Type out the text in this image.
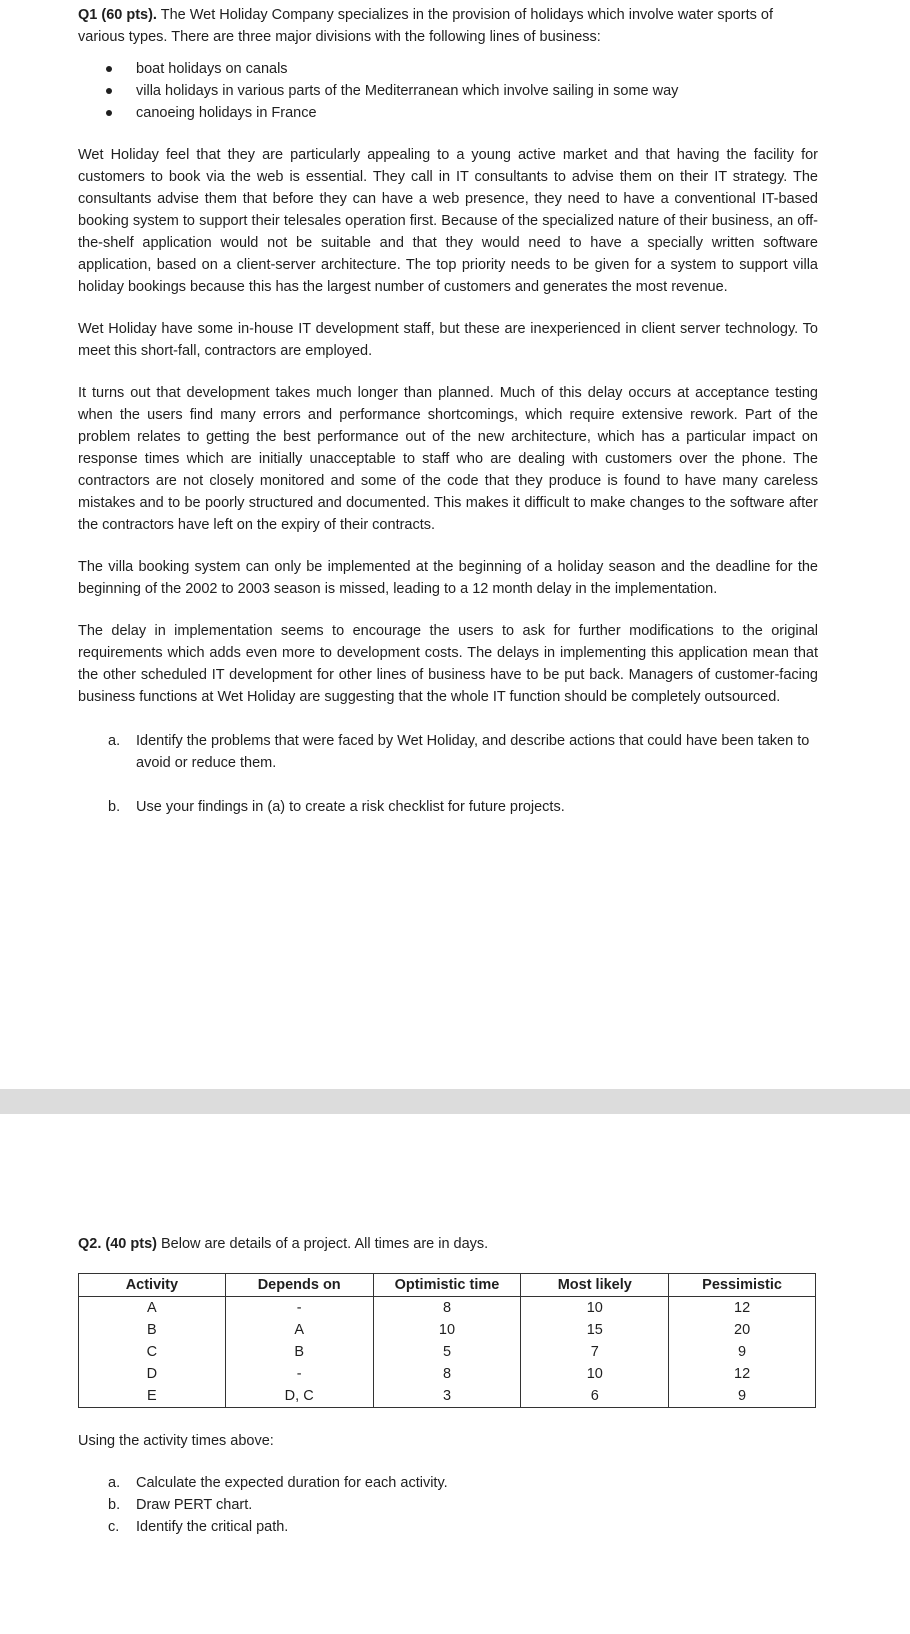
Q1 (60 pts). The Wet Holiday Company specializes in the provision of holidays which involve water sports of various types. There are three major divisions with the following lines of business:

boat holidays on canals
villa holidays in various parts of the Mediterranean which involve sailing in some way
canoeing holidays in France

Wet Holiday feel that they are particularly appealing to a young active market and that having the facility for customers to book via the web is essential. They call in IT consultants to advise them on their IT strategy. The consultants advise them that before they can have a web presence, they need to have a conventional IT-based booking system to support their telesales operation first. Because of the specialized nature of their business, an off-the-shelf application would not be suitable and that they would need to have a specially written software application, based on a client-server architecture. The top priority needs to be given for a system to support villa holiday bookings because this has the largest number of customers and generates the most revenue.

Wet Holiday have some in-house IT development staff, but these are inexperienced in client server technology. To meet this short-fall, contractors are employed.

It turns out that development takes much longer than planned. Much of this delay occurs at acceptance testing when the users find many errors and performance shortcomings, which require extensive rework. Part of the problem relates to getting the best performance out of the new architecture, which has a particular impact on response times which are initially unacceptable to staff who are dealing with customers over the phone. The contractors are not closely monitored and some of the code that they produce is found to have many careless mistakes and to be poorly structured and documented. This makes it difficult to make changes to the software after the contractors have left on the expiry of their contracts.

The villa booking system can only be implemented at the beginning of a holiday season and the deadline for the beginning of the 2002 to 2003 season is missed, leading to a 12 month delay in the implementation.

The delay in implementation seems to encourage the users to ask for further modifications to the original requirements which adds even more to development costs. The delays in implementing this application mean that the other scheduled IT development for other lines of business have to be put back. Managers of customer-facing business functions at Wet Holiday are suggesting that the whole IT function should be completely outsourced.

a. Identify the problems that were faced by Wet Holiday, and describe actions that could have been taken to avoid or reduce them.
b. Use your findings in (a) to create a risk checklist for future projects.

Q2. (40 pts) Below are details of a project. All times are in days.

Activity	Depends on	Optimistic time	Most likely	Pessimistic
A	-	8	10	12
B	A	10	15	20
C	B	5	7	9
D	-	8	10	12
E	D, C	3	6	9

Using the activity times above:

a. Calculate the expected duration for each activity.
b. Draw PERT chart.
c. Identify the critical path.
